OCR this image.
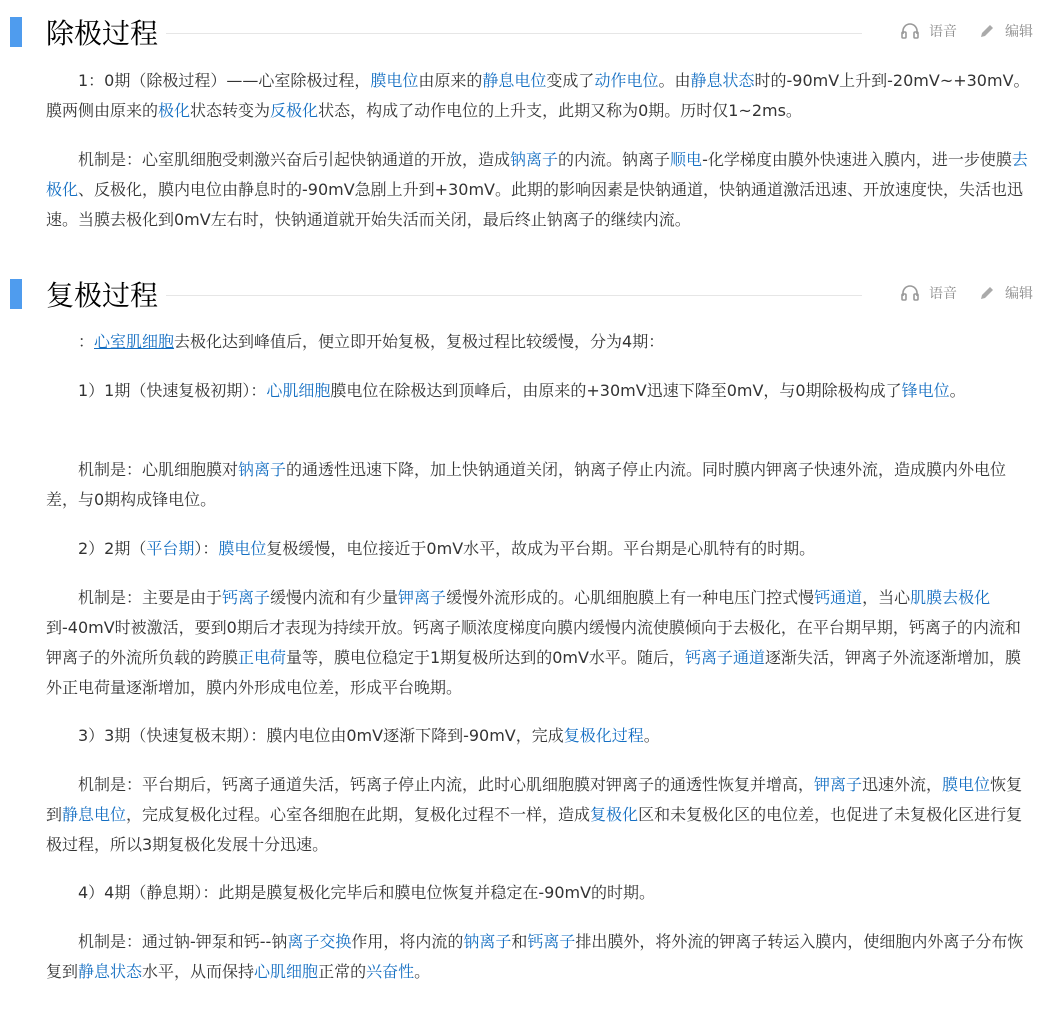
除极过程	语音	编辑

1：0期（除极过程）——心室除极过程，膜电位由原来的静息电位变成了动作电位。由静息状态时的-90mV上升到-20mV~+30mV。膜两侧由原来的极化状态转变为反极化状态，构成了动作电位的上升支，此期又称为0期。历时仅1~2ms。

机制是：心室肌细胞受刺激兴奋后引起快钠通道的开放，造成钠离子的内流。钠离子顺电-化学梯度由膜外快速进入膜内，进一步使膜去极化、反极化，膜内电位由静息时的-90mV急剧上升到+30mV。此期的影响因素是快钠通道，快钠通道激活迅速、开放速度快，失活也迅速。当膜去极化到0mV左右时，快钠通道就开始失活而关闭，最后终止钠离子的继续内流。

复极过程	语音	编辑

：心室肌细胞去极化达到峰值后，便立即开始复极，复极过程比较缓慢，分为4期：

1）1期（快速复极初期）：心肌细胞膜电位在除极达到顶峰后，由原来的+30mV迅速下降至0mV，与0期除极构成了锋电位。

机制是：心肌细胞膜对钠离子的通透性迅速下降，加上快钠通道关闭，钠离子停止内流。同时膜内钾离子快速外流，造成膜内外电位差，与0期构成锋电位。

2）2期（平台期）：膜电位复极缓慢，电位接近于0mV水平，故成为平台期。平台期是心肌特有的时期。

机制是：主要是由于钙离子缓慢内流和有少量钾离子缓慢外流形成的。心肌细胞膜上有一种电压门控式慢钙通道，当心肌膜去极化到-40mV时被激活，要到0期后才表现为持续开放。钙离子顺浓度梯度向膜内缓慢内流使膜倾向于去极化，在平台期早期，钙离子的内流和钾离子的外流所负载的跨膜正电荷量等，膜电位稳定于1期复极所达到的0mV水平。随后，钙离子通道逐渐失活，钾离子外流逐渐增加，膜外正电荷量逐渐增加，膜内外形成电位差，形成平台晚期。

3）3期（快速复极末期）：膜内电位由0mV逐渐下降到-90mV，完成复极化过程。

机制是：平台期后，钙离子通道失活，钙离子停止内流，此时心肌细胞膜对钾离子的通透性恢复并增高，钾离子迅速外流，膜电位恢复到静息电位，完成复极化过程。心室各细胞在此期，复极化过程不一样，造成复极化区和未复极化区的电位差，也促进了未复极化区进行复极过程，所以3期复极化发展十分迅速。

4）4期（静息期）：此期是膜复极化完毕后和膜电位恢复并稳定在-90mV的时期。

机制是：通过钠-钾泵和钙--钠离子交换作用，将内流的钠离子和钙离子排出膜外，将外流的钾离子转运入膜内，使细胞内外离子分布恢复到静息状态水平，从而保持心肌细胞正常的兴奋性。
